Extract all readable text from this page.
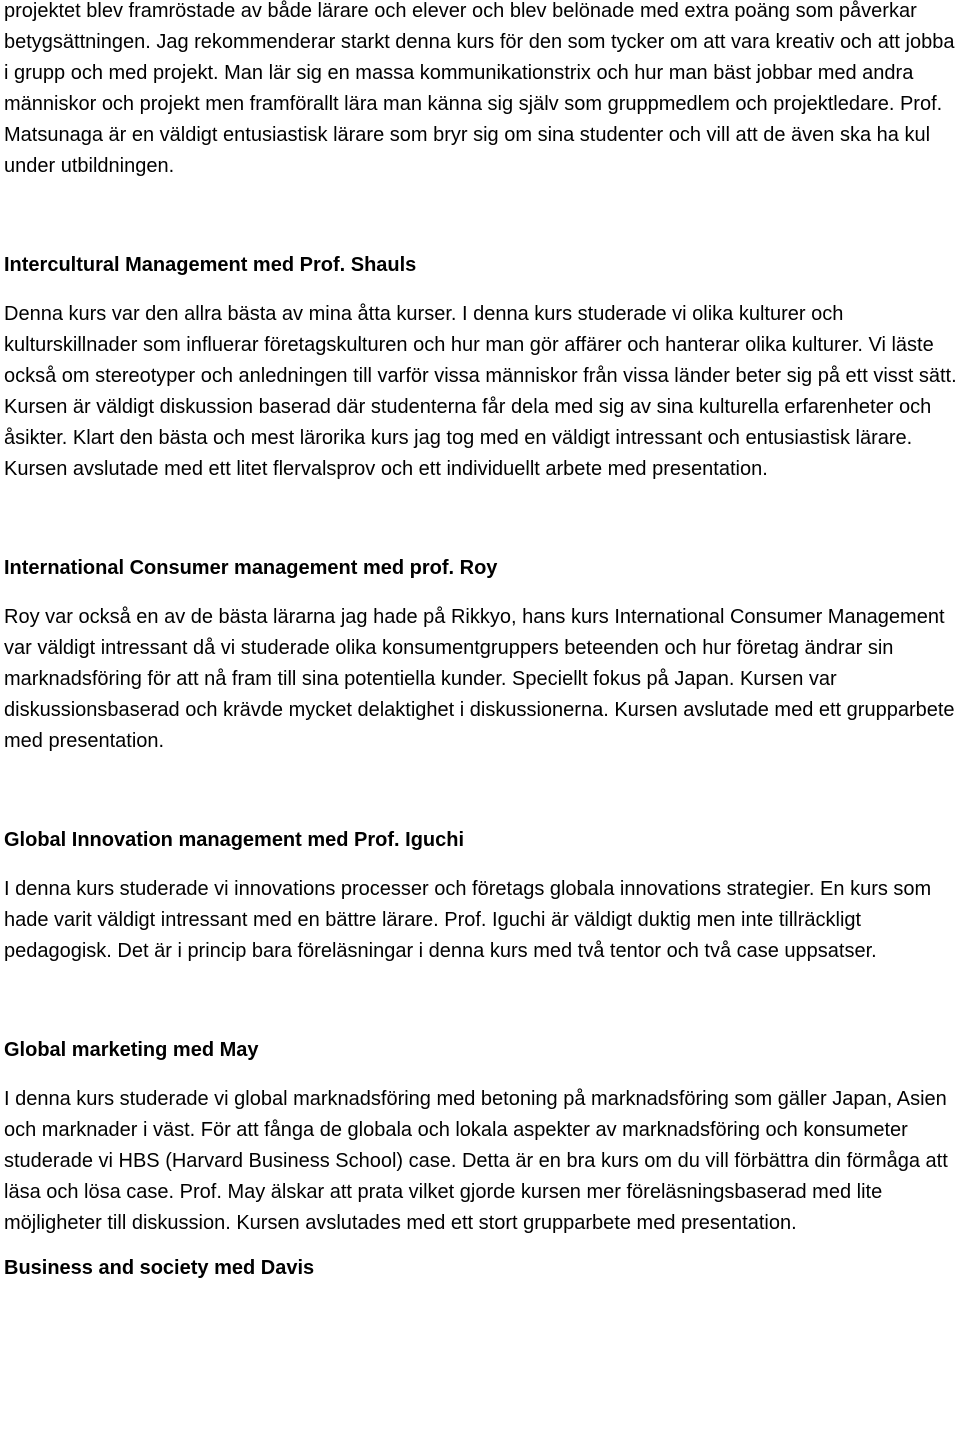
projektet blev framröstade av både lärare och elever och blev belönade med extra poäng som påverkar betygsättningen. Jag rekommenderar starkt denna kurs för den som tycker om att vara kreativ och att jobba i grupp och med projekt. Man lär sig en massa kommunikationstrix och hur man bäst jobbar med andra människor och projekt men framförallt lära man känna sig själv som gruppmedlem och projektledare. Prof. Matsunaga är en väldigt entusiastisk lärare som bryr sig om sina studenter och vill att de även ska ha kul under utbildningen.

Intercultural Management med Prof. Shauls

Denna kurs var den allra bästa av mina åtta kurser. I denna kurs studerade vi olika kulturer och kulturskillnader som influerar företagskulturen och hur man gör affärer och hanterar olika kulturer. Vi läste också om stereotyper och anledningen till varför vissa människor från vissa länder beter sig på ett visst sätt. Kursen är väldigt diskussion baserad där studenterna får dela med sig av sina kulturella erfarenheter och åsikter. Klart den bästa och mest lärorika kurs jag tog med en väldigt intressant och entusiastisk lärare. Kursen avslutade med ett litet flervalsprov och ett individuellt arbete med presentation.

International Consumer management med prof. Roy

Roy var också en av de bästa lärarna jag hade på Rikkyo, hans kurs International Consumer Management var väldigt intressant då vi studerade olika konsumentgruppers beteenden och hur företag ändrar sin marknadsföring för att nå fram till sina potentiella kunder. Speciellt fokus på Japan. Kursen var diskussionsbaserad och krävde mycket delaktighet i diskussionerna. Kursen avslutade med ett grupparbete med presentation.

Global Innovation management med Prof. Iguchi

I denna kurs studerade vi innovations processer och företags globala innovations strategier. En kurs som hade varit väldigt intressant med en bättre lärare. Prof. Iguchi är väldigt duktig men inte tillräckligt pedagogisk. Det är i princip bara föreläsningar i denna kurs med två tentor och två case uppsatser.

Global marketing med May

I denna kurs studerade vi global marknadsföring med betoning på marknadsföring som gäller Japan, Asien och marknader i väst. För att fånga de globala och lokala aspekter av marknadsföring och konsumeter studerade vi HBS (Harvard Business School) case. Detta är en bra kurs om du vill förbättra din förmåga att läsa och lösa case. Prof. May älskar att prata vilket gjorde kursen mer föreläsningsbaserad med lite möjligheter till diskussion. Kursen avslutades med ett stort grupparbete med presentation.

Business and society med Davis
